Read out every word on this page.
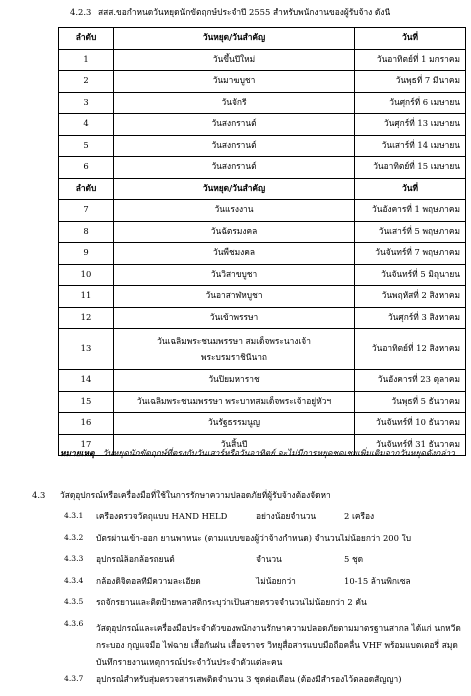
4.2.3 สสส.ขอกำหนดวันหยุดนักขัตฤกษ์ประจำปี 2555 สำหรับพนักงานของผู้รับจ้าง ดังนี้
ลำดับ	วันหยุด/วันสำคัญ	วันที่
1	วันขึ้นปีใหม่	วันอาทิตย์ที่ 1 มกราคม
2	วันมาฆบูชา	วันพุธที่ 7 มีนาคม
3	วันจักรี	วันศุกร์ที่ 6 เมษายน
4	วันสงกรานต์	วันศุกร์ที่ 13 เมษายน
5	วันสงกรานต์	วันเสาร์ที่ 14 เมษายน
6	วันสงกรานต์	วันอาทิตย์ที่ 15 เมษายน
ลำดับ	วันหยุด/วันสำคัญ	วันที่
7	วันแรงงาน	วันอังคารที่ 1 พฤษภาคม
8	วันฉัตรมงคล	วันเสาร์ที่ 5 พฤษภาคม
9	วันพืชมงคล	วันจันทร์ที่ 7 พฤษภาคม
10	วันวิสาขบูชา	วันจันทร์ที่ 5 มิถุนายน
11	วันอาสาฬหบูชา	วันพฤหัสที่ 2 สิงหาคม
12	วันเข้าพรรษา	วันศุกร์ที่ 3 สิงหาคม
13	วันเฉลิมพระชนมพรรษา สมเด็จพระนางเจ้า
พระบรมราชินีนาถ	วันอาทิตย์ที่ 12 สิงหาคม
14	วันปิยมหาราช	วันอังคารที่ 23 ตุลาคม
15	วันเฉลิมพระชนมพรรษา พระบาทสมเด็จพระเจ้าอยู่หัวฯ	วันพุธที่ 5 ธันวาคม
16	วันรัฐธรรมนูญ	วันจันทร์ที่ 10 ธันวาคม
17	วันสิ้นปี	วันจันทร์ที่ 31 ธันวาคม
หมายเหตุ วันหยุดนักขัตฤกษ์ที่ตรงกับวันเสาร์หรือวันอาทิตย์ จะไม่มีการหยุดชดเชยเพิ่มเติมจากวันหยุดดังกล่าว
4.3 วัสดุอุปกรณ์หรือเครื่องมือที่ใช้ในการรักษาความปลอดภัยที่ผู้รับจ้างต้องจัดหา
4.3.1	เครื่องตรวจวัตถุแบบ HAND HELD	อย่างน้อยจำนวน	2 เครื่อง
4.3.2	บัตรผ่านเข้า-ออก ยานพาหนะ (ตามแบบของผู้ว่าจ้างกำหนด) จำนวนไม่น้อยกว่า 200 ใบ
4.3.3	อุปกรณ์ล็อกล้อรถยนต์	จำนวน	5 ชุด
4.3.4	กล้องดิจิตอลที่มีความละเอียด	ไม่น้อยกว่า	10-15 ล้านพิกเซล
4.3.5	รถจักรยานและติดป้ายพลาสติกระบุว่าเป็นสายตรวจจำนวนไม่น้อยกว่า 2 คัน
4.3.6	วัสดุอุปกรณ์และเครื่องมือประจำตัวของพนักงานรักษาความปลอดภัยตามมาตรฐานสากล ได้แก่ นกหวีด กระบอง กุญแจมือ ไฟฉาย เสื้อกันฝน เสื้อจราจร วิทยุสื่อสารแบบมือถือคลื่น VHF พร้อมแบตเตอรี่ สมุดบันทึกรายงานเหตุการณ์ประจำวันประจำตัวแต่ละคน
4.3.7	อุปกรณ์สำหรับสุ่มตรวจสารเสพติดจำนวน 3 ชุดต่อเดือน (ต้องมีสำรองไว้ตลอดสัญญา)
